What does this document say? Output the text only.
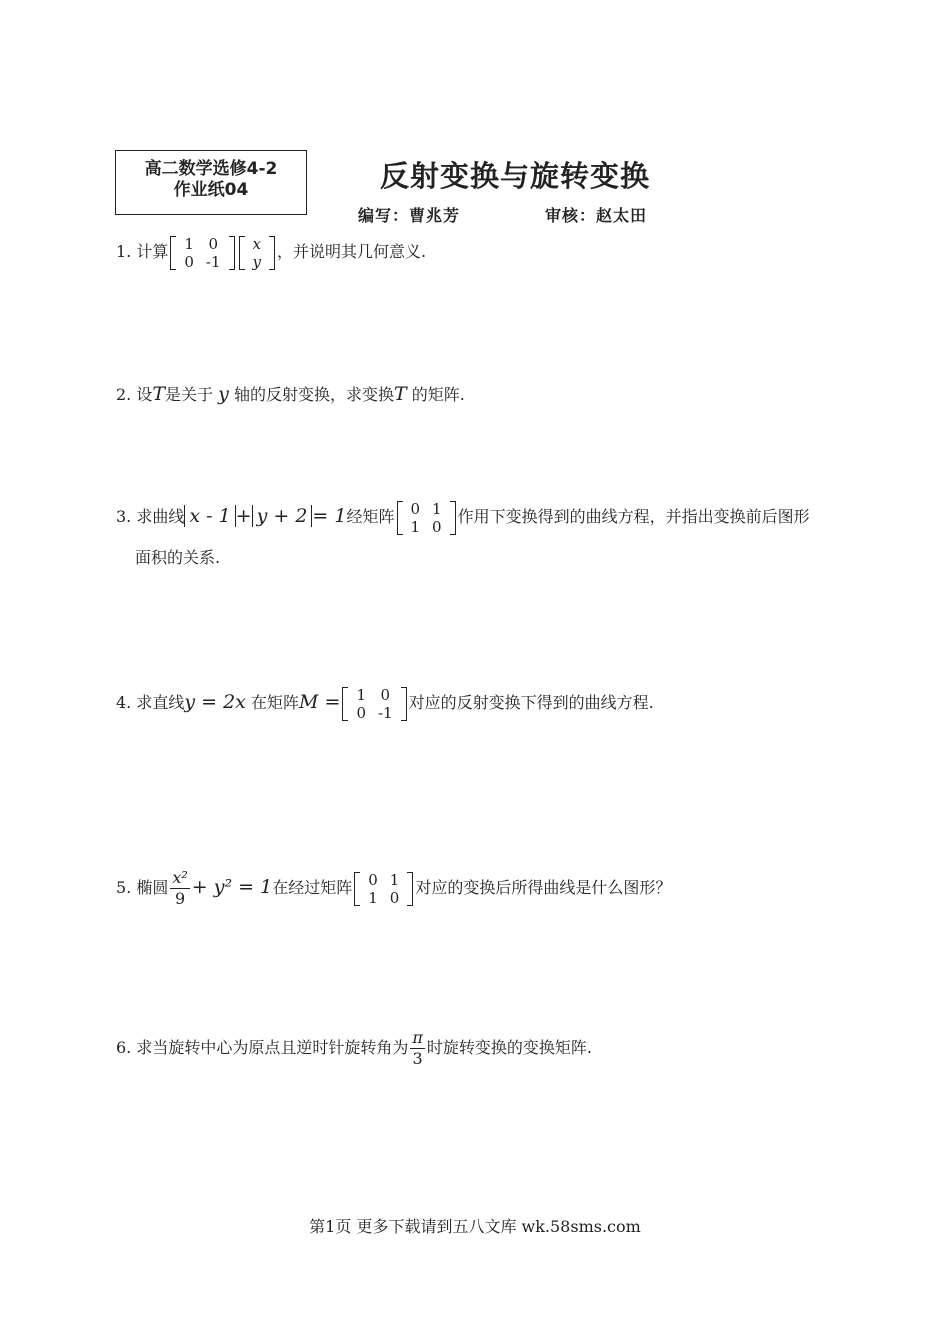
高二数学选修4-2
作业纸04	反射变换与旋转变换
编写：曹兆芳	审核：赵太田
1. 计算 1	0
0	-1
x
y
，并说明其几何意义.
2. 设T是关于 y 轴的反射变换，求变换T 的矩阵.
3. 求曲线 x - 1 + y + 2 = 1经矩阵 0	1
1	0
作用下变换得到的曲线方程，并指出变换前后图形
面积的关系.
4. 求直线y = 2x 在矩阵M = 1	0
0	-1
对应的反射变换下得到的曲线方程.
5. 椭圆 $\frac{\text{x²}}{9} + y^2 = 1$在经过矩阵 0	1
1	0
对应的变换后所得曲线是什么图形？
6. 求当旋转中心为原点且逆时针旋转角为 $\frac{\pi}{3}$ 时旋转变换的变换矩阵.
第1页 更多下载请到五八文库 wk.58sms.com
